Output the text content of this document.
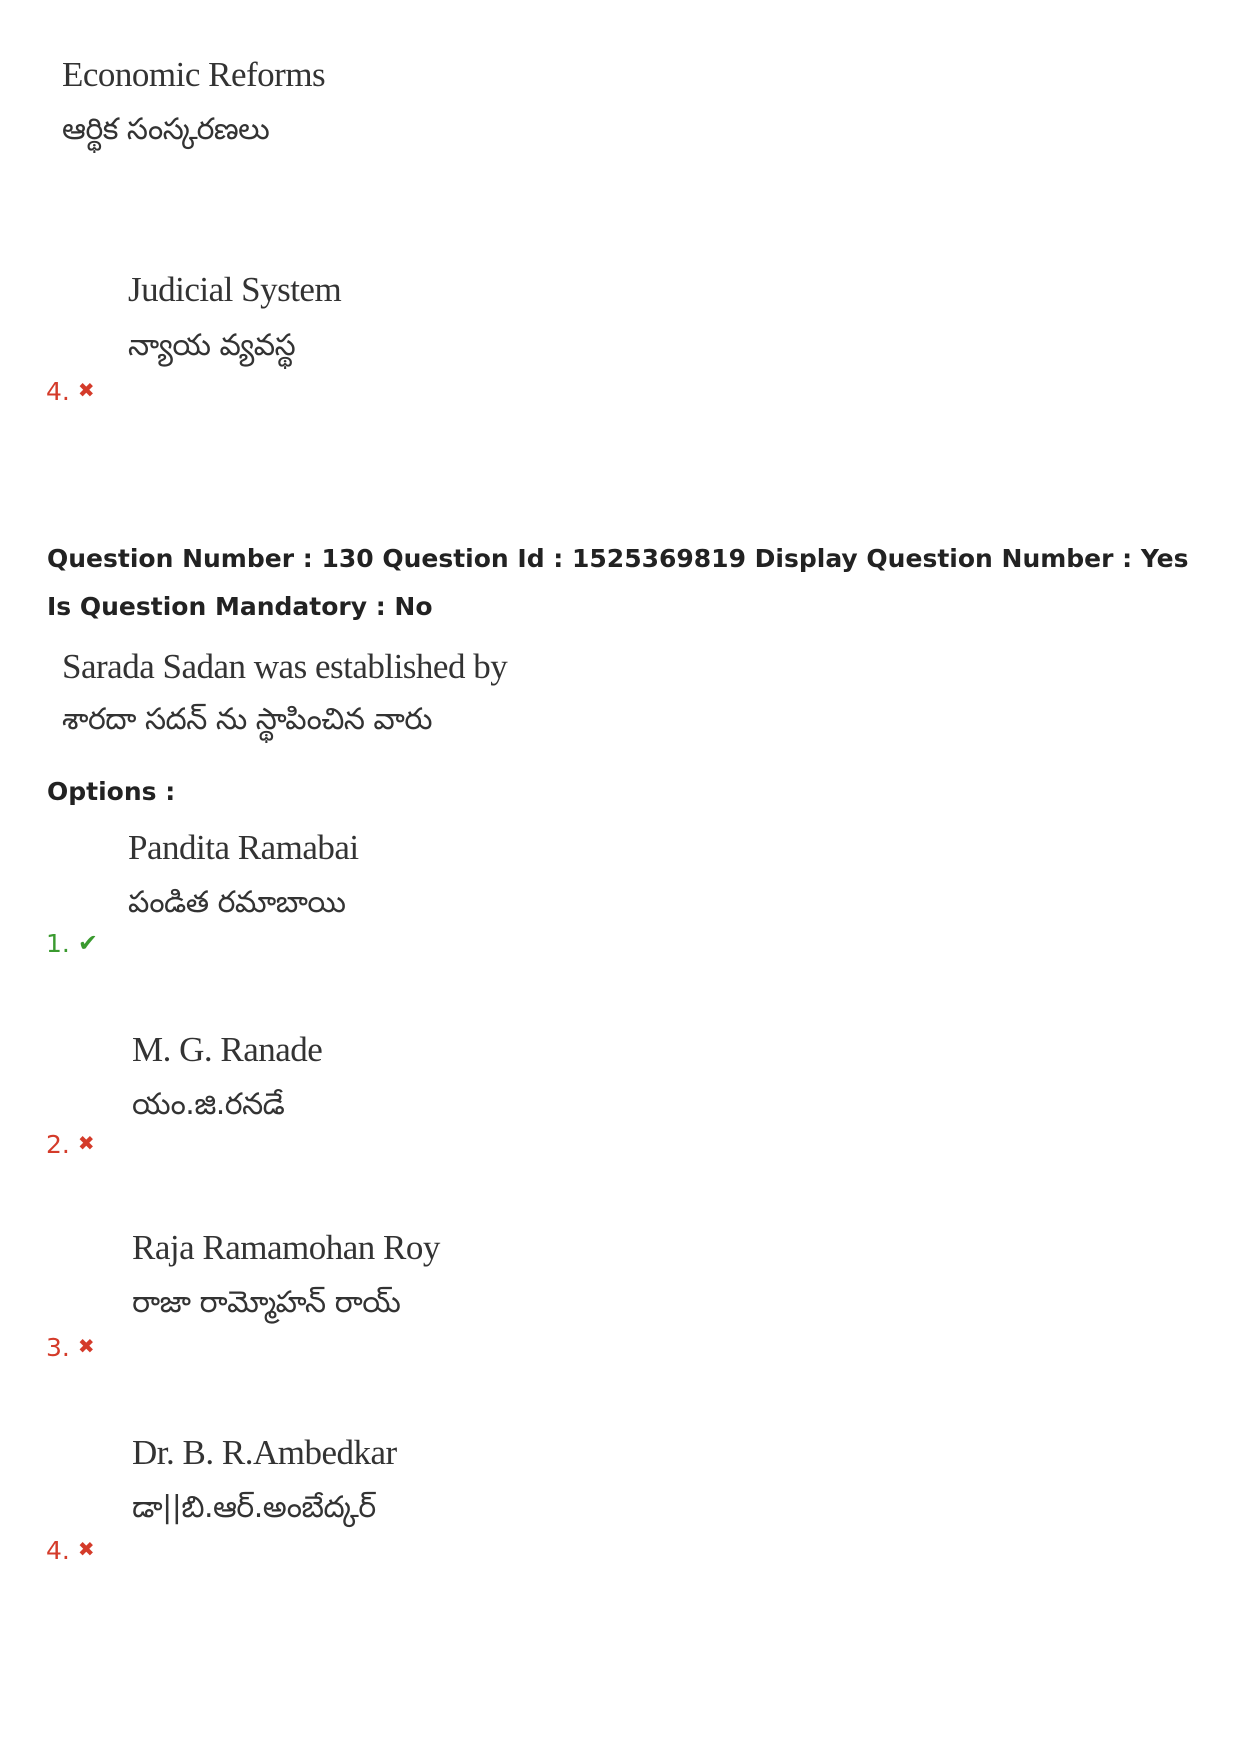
Economic Reforms
ఆర్థిక సంస్కరణలు
Judicial System
న్యాయ వ్యవస్థ
4. ✖
Question Number : 130 Question Id : 1525369819 Display Question Number : Yes Is Question Mandatory : No
Sarada Sadan was established by
శారదా సదన్ ను స్థాపించిన వారు
Options :
Pandita Ramabai
పండిత రమాబాయి
1. ✔
M. G. Ranade
యం.జి.రనడే
2. ✖
Raja Ramamohan Roy
రాజా రామ్మోహన్ రాయ్
3. ✖
Dr. B. R.Ambedkar
డా||బి.ఆర్.అంబేద్కర్
4. ✖
